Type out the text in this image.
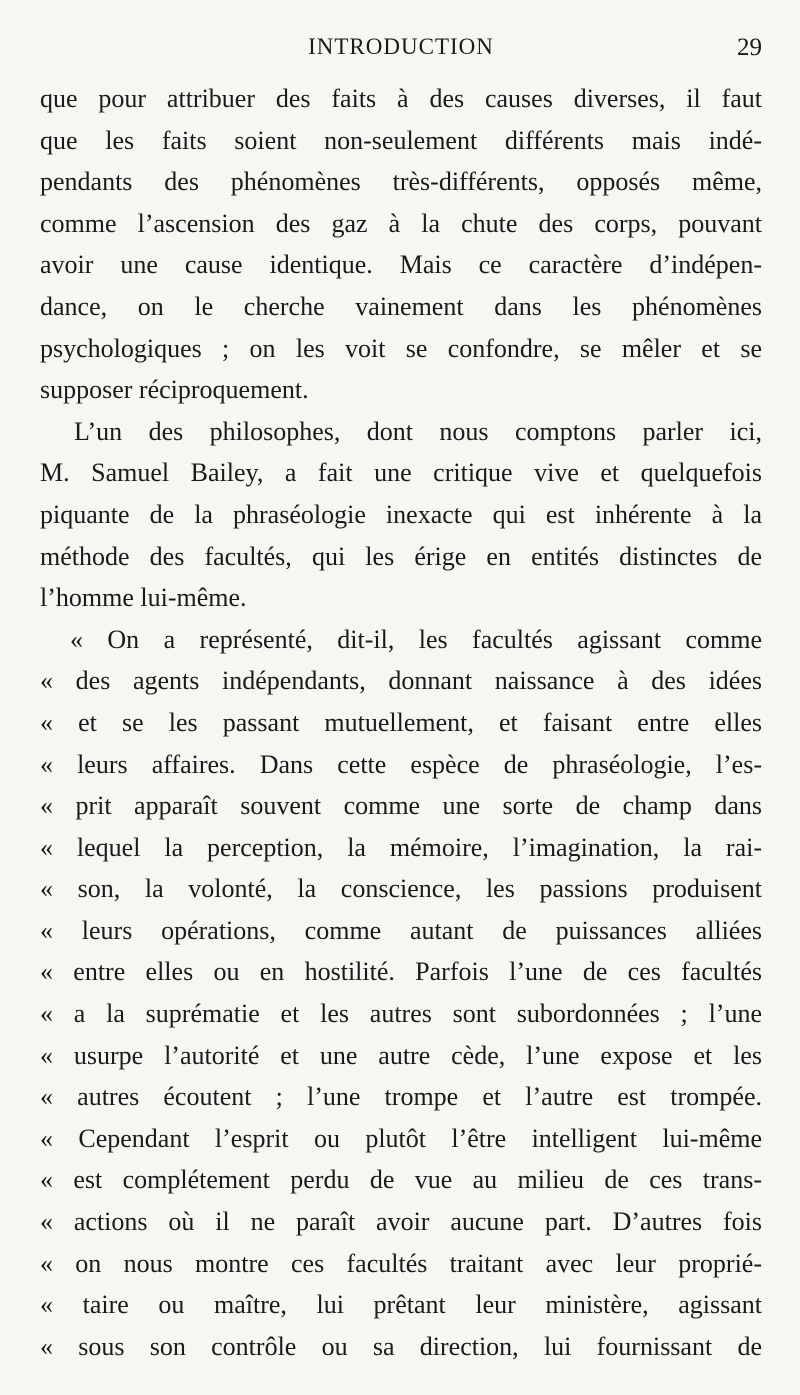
INTRODUCTION	29
que pour attribuer des faits à des causes diverses, il faut
que les faits soient non-seulement différents mais indé-
pendants des phénomènes très-différents, opposés même,
comme l’ascension des gaz à la chute des corps, pouvant
avoir une cause identique. Mais ce caractère d’indépen-
dance, on le cherche vainement dans les phénomènes
psychologiques ; on les voit se confondre, se mêler et se
supposer réciproquement.
L’un des philosophes, dont nous comptons parler ici,
M. Samuel Bailey, a fait une critique vive et quelquefois
piquante de la phraséologie inexacte qui est inhérente à la
méthode des facultés, qui les érige en entités distinctes de
l’homme lui-même.
« On a représenté, dit-il, les facultés agissant comme
« des agents indépendants, donnant naissance à des idées
« et se les passant mutuellement, et faisant entre elles
« leurs affaires. Dans cette espèce de phraséologie, l’es-
« prit apparaît souvent comme une sorte de champ dans
« lequel la perception, la mémoire, l’imagination, la rai-
« son, la volonté, la conscience, les passions produisent
« leurs opérations, comme autant de puissances alliées
« entre elles ou en hostilité. Parfois l’une de ces facultés
« a la suprématie et les autres sont subordonnées ; l’une
« usurpe l’autorité et une autre cède, l’une expose et les
« autres écoutent ; l’une trompe et l’autre est trompée.
« Cependant l’esprit ou plutôt l’être intelligent lui-même
« est complétement perdu de vue au milieu de ces trans-
« actions où il ne paraît avoir aucune part. D’autres fois
« on nous montre ces facultés traitant avec leur proprié-
« taire ou maître, lui prêtant leur ministère, agissant
« sous son contrôle ou sa direction, lui fournissant de
